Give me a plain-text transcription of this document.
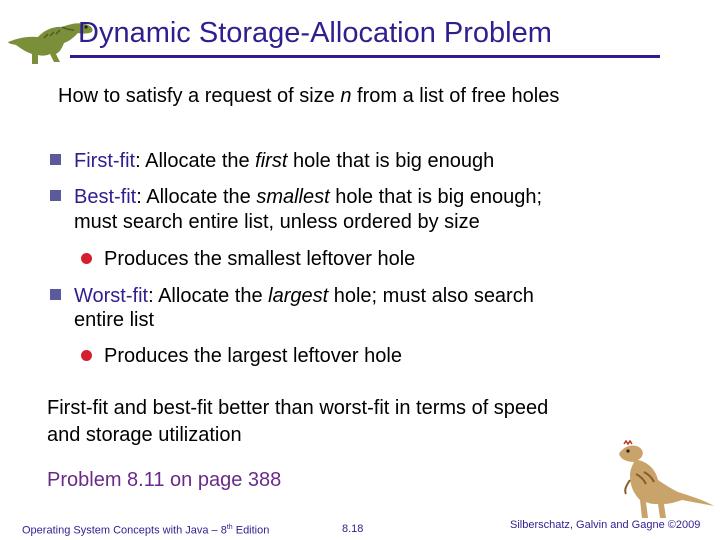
Dynamic Storage-Allocation Problem
How to satisfy a request of size n from a list of free holes
First-fit: Allocate the first hole that is big enough
Best-fit: Allocate the smallest hole that is big enough;
must search entire list, unless ordered by size
Produces the smallest leftover hole
Worst-fit: Allocate the largest hole; must also search
entire list
Produces the largest leftover hole
First-fit and best-fit better than worst-fit in terms of speed
and storage utilization
Problem 8.11 on page 388
Operating System Concepts with Java – 8th Edition	8.18	Silberschatz, Galvin and Gagne ©2009
